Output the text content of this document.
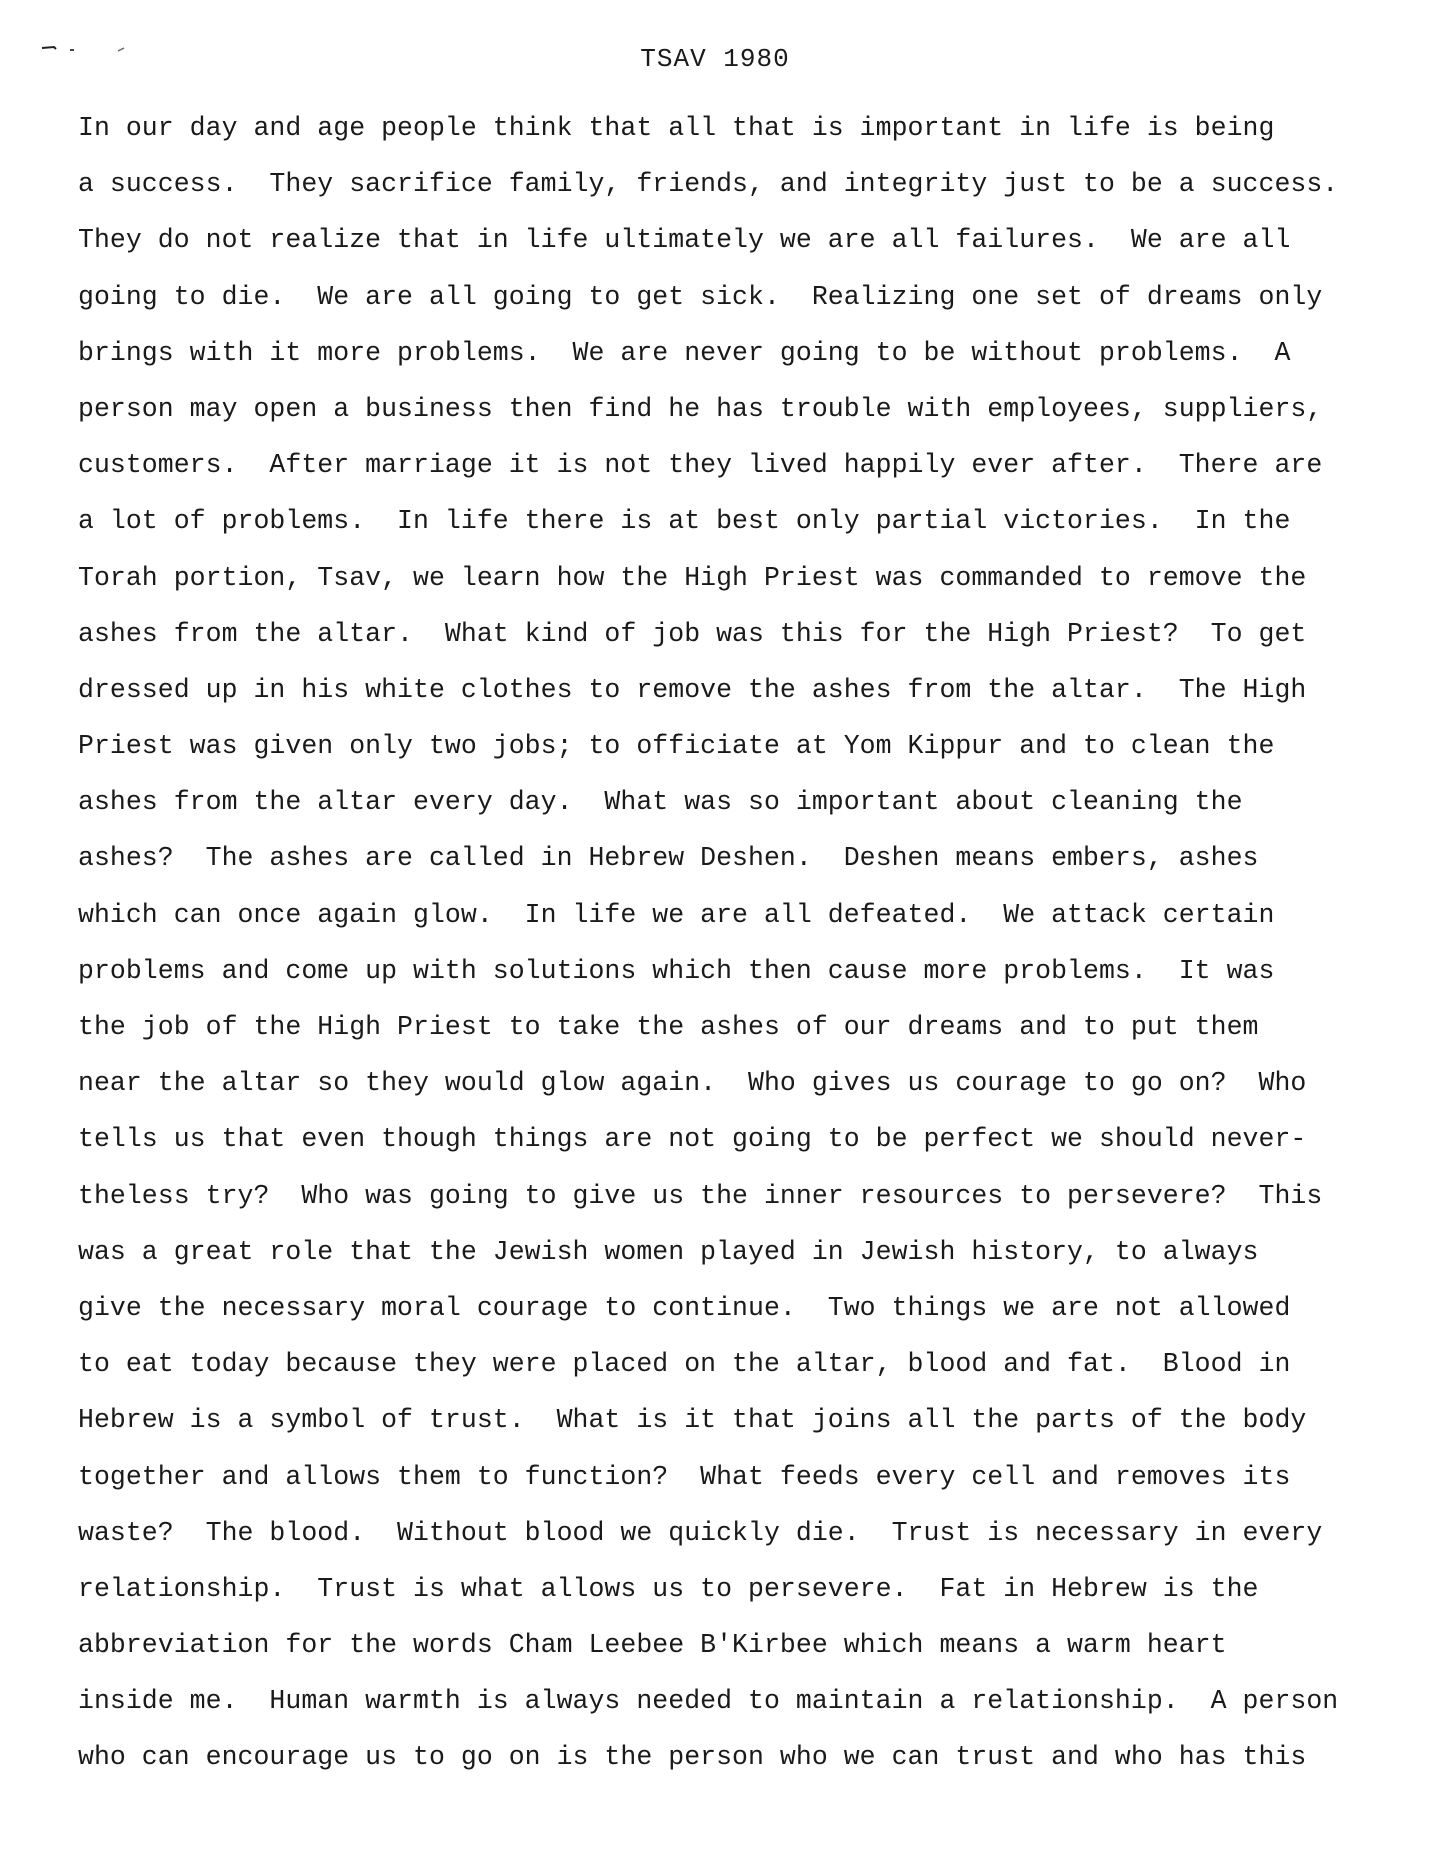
TSAV 1980
In our day and age people think that all that is important in life is being
a success.  They sacrifice family, friends, and integrity just to be a success.
They do not realize that in life ultimately we are all failures.  We are all
going to die.  We are all going to get sick.  Realizing one set of dreams only
brings with it more problems.  We are never going to be without problems.  A
person may open a business then find he has trouble with employees, suppliers,
customers.  After marriage it is not they lived happily ever after.  There are
a lot of problems.  In life there is at best only partial victories.  In the
Torah portion, Tsav, we learn how the High Priest was commanded to remove the
ashes from the altar.  What kind of job was this for the High Priest?  To get
dressed up in his white clothes to remove the ashes from the altar.  The High
Priest was given only two jobs; to officiate at Yom Kippur and to clean the
ashes from the altar every day.  What was so important about cleaning the
ashes?  The ashes are called in Hebrew Deshen.  Deshen means embers, ashes
which can once again glow.  In life we are all defeated.  We attack certain
problems and come up with solutions which then cause more problems.  It was
the job of the High Priest to take the ashes of our dreams and to put them
near the altar so they would glow again.  Who gives us courage to go on?  Who
tells us that even though things are not going to be perfect we should never-
theless try?  Who was going to give us the inner resources to persevere?  This
was a great role that the Jewish women played in Jewish history, to always
give the necessary moral courage to continue.  Two things we are not allowed
to eat today because they were placed on the altar, blood and fat.  Blood in
Hebrew is a symbol of trust.  What is it that joins all the parts of the body
together and allows them to function?  What feeds every cell and removes its
waste?  The blood.  Without blood we quickly die.  Trust is necessary in every
relationship.  Trust is what allows us to persevere.  Fat in Hebrew is the
abbreviation for the words Cham Leebee B'Kirbee which means a warm heart
inside me.  Human warmth is always needed to maintain a relationship.  A person
who can encourage us to go on is the person who we can trust and who has this
